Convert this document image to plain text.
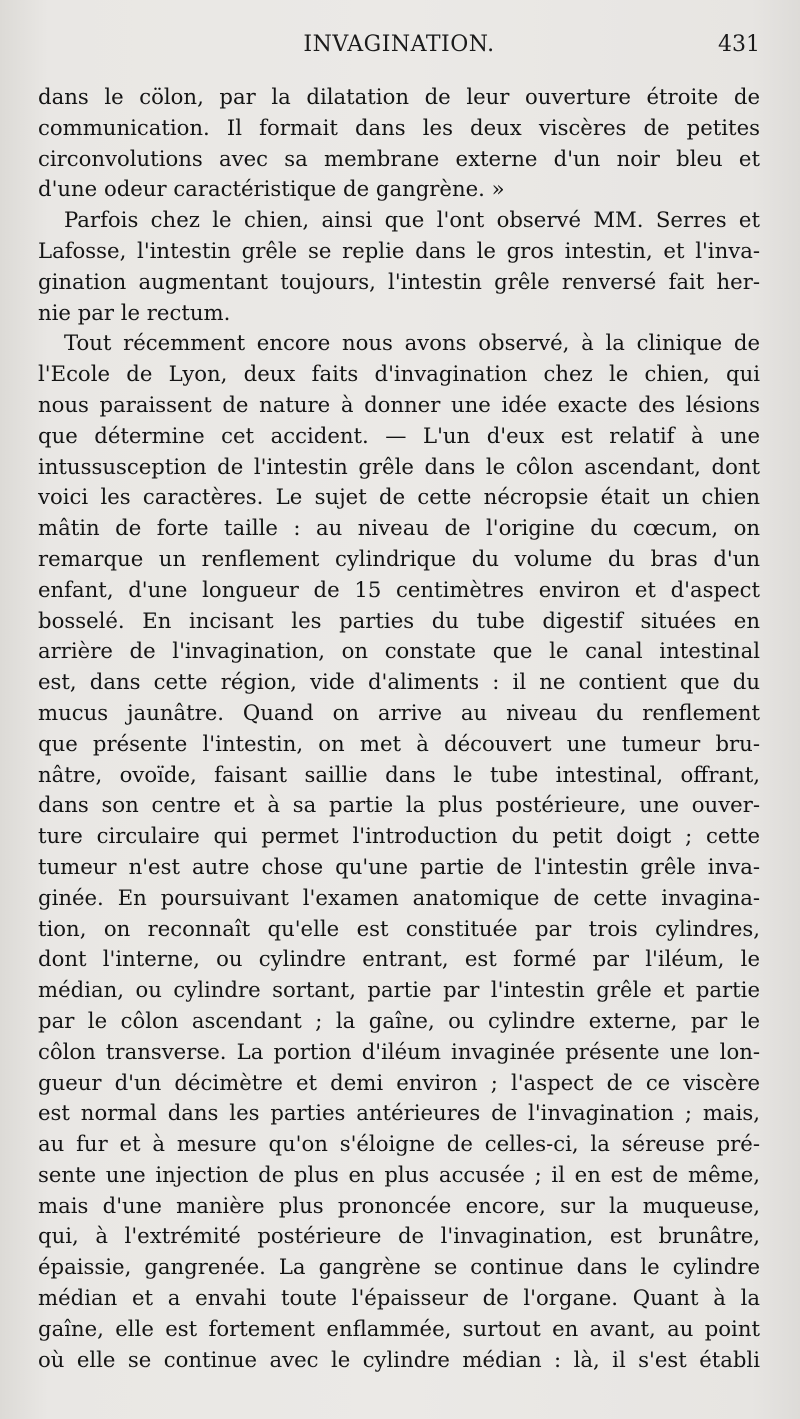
INVAGINATION.	431
dans le cölon, par la dilatation de leur ouverture étroite de
communication. Il formait dans les deux viscères de petites
circonvolutions avec sa membrane externe d'un noir bleu et
d'une odeur caractéristique de gangrène. »
Parfois chez le chien, ainsi que l'ont observé MM. Serres et
Lafosse, l'intestin grêle se replie dans le gros intestin, et l'inva-
gination augmentant toujours, l'intestin grêle renversé fait her-
nie par le rectum.
Tout récemment encore nous avons observé, à la clinique de
l'Ecole de Lyon, deux faits d'invagination chez le chien, qui
nous paraissent de nature à donner une idée exacte des lésions
que détermine cet accident. — L'un d'eux est relatif à une
intussusception de l'intestin grêle dans le côlon ascendant, dont
voici les caractères. Le sujet de cette nécropsie était un chien
mâtin de forte taille : au niveau de l'origine du cœcum, on
remarque un renflement cylindrique du volume du bras d'un
enfant, d'une longueur de 15 centimètres environ et d'aspect
bosselé. En incisant les parties du tube digestif situées en
arrière de l'invagination, on constate que le canal intestinal
est, dans cette région, vide d'aliments : il ne contient que du
mucus jaunâtre. Quand on arrive au niveau du renflement
que présente l'intestin, on met à découvert une tumeur bru-
nâtre, ovoïde, faisant saillie dans le tube intestinal, offrant,
dans son centre et à sa partie la plus postérieure, une ouver-
ture circulaire qui permet l'introduction du petit doigt ; cette
tumeur n'est autre chose qu'une partie de l'intestin grêle inva-
ginée. En poursuivant l'examen anatomique de cette invagina-
tion, on reconnaît qu'elle est constituée par trois cylindres,
dont l'interne, ou cylindre entrant, est formé par l'iléum, le
médian, ou cylindre sortant, partie par l'intestin grêle et partie
par le côlon ascendant ; la gaîne, ou cylindre externe, par le
côlon transverse. La portion d'iléum invaginée présente une lon-
gueur d'un décimètre et demi environ ; l'aspect de ce viscère
est normal dans les parties antérieures de l'invagination ; mais,
au fur et à mesure qu'on s'éloigne de celles-ci, la séreuse pré-
sente une injection de plus en plus accusée ; il en est de même,
mais d'une manière plus prononcée encore, sur la muqueuse,
qui, à l'extrémité postérieure de l'invagination, est brunâtre,
épaissie, gangrenée. La gangrène se continue dans le cylindre
médian et a envahi toute l'épaisseur de l'organe. Quant à la
gaîne, elle est fortement enflammée, surtout en avant, au point
où elle se continue avec le cylindre médian : là, il s'est établi
